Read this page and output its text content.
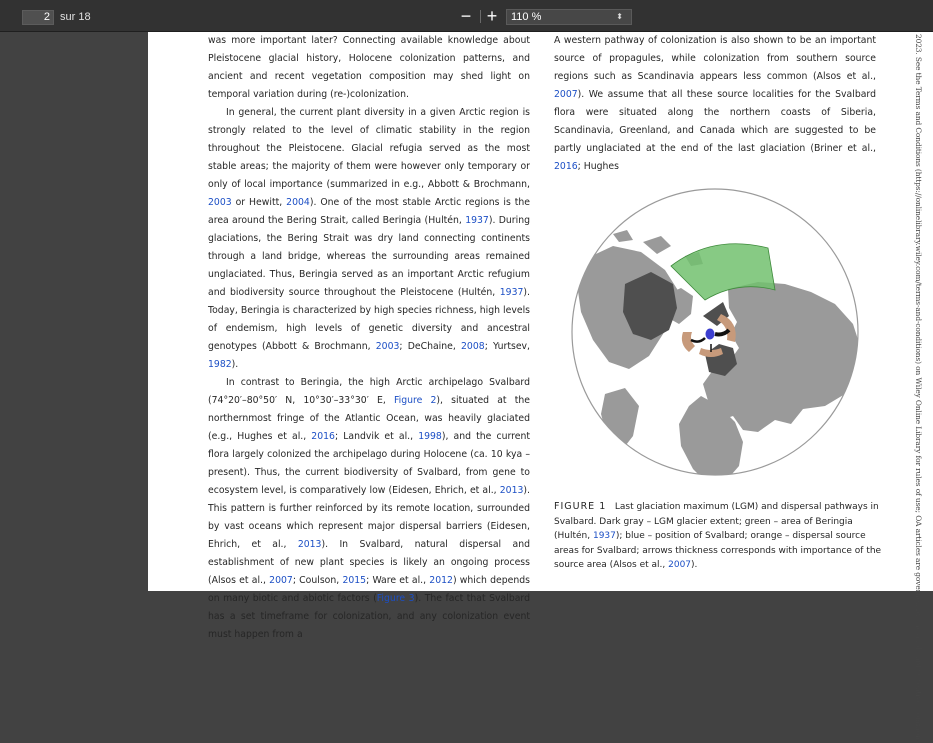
2 sur 18	− +	110 %	⬍

was more important later? Connecting available knowledge about Pleistocene glacial history, Holocene colonization patterns, and ancient and recent vegetation composition may shed light on temporal variation during (re-)colonization.

In general, the current plant diversity in a given Arctic region is strongly related to the level of climatic stability in the region throughout the Pleistocene. Glacial refugia served as the most stable areas; the majority of them were however only temporary or only of local importance (summarized in e.g., Abbott & Brochmann, 2003 or Hewitt, 2004). One of the most stable Arctic regions is the area around the Bering Strait, called Beringia (Hultén, 1937). During glaciations, the Bering Strait was dry land connecting continents through a land bridge, whereas the surrounding areas remained unglaciated. Thus, Beringia served as an important Arctic refugium and biodiversity source throughout the Pleistocene (Hultén, 1937). Today, Beringia is characterized by high species richness, high levels of endemism, high levels of genetic diversity and ancestral genotypes (Abbott & Brochmann, 2003; DeChaine, 2008; Yurtsev, 1982).

In contrast to Beringia, the high Arctic archipelago Svalbard (74°20′–80°50′ N, 10°30′–33°30′ E, Figure 2), situated at the northernmost fringe of the Atlantic Ocean, was heavily glaciated (e.g., Hughes et al., 2016; Landvik et al., 1998), and the current flora largely colonized the archipelago during Holocene (ca. 10 kya – present). Thus, the current biodiversity of Svalbard, from gene to ecosystem level, is comparatively low (Eidesen, Ehrich, et al., 2013). This pattern is further reinforced by its remote location, surrounded by vast oceans which represent major dispersal barriers (Eidesen, Ehrich, et al., 2013). In Svalbard, natural dispersal and establishment of new plant species is likely an ongoing process (Alsos et al., 2007; Coulson, 2015; Ware et al., 2012) which depends on many biotic and abiotic factors (Figure 3). The fact that Svalbard has a set timeframe for colonization, and any colonization event must happen from a

A western pathway of colonization is also shown to be an important source of propagules, while colonization from southern source regions such as Scandinavia appears less common (Alsos et al., 2007). We assume that all these source localities for the Svalbard flora were situated along the northern coasts of Siberia, Scandinavia, Greenland, and Canada which are suggested to be partly unglaciated at the end of the last glaciation (Briner et al., 2016; Hughes

FIGURE 1 Last glaciation maximum (LGM) and dispersal pathways in Svalbard. Dark gray – LGM glacier extent; green – area of Beringia (Hultén, 1937); blue – position of Svalbard; orange – dispersal source areas for Svalbard; arrows thickness corresponds with importance of the source area (Alsos et al., 2007).	2023. See the Terms and Conditions (https://onlinelibrary.wiley.com/terms-and-conditions) on Wiley Online Library for rules of use; OA articles are governed by the applicable Creative Commons
